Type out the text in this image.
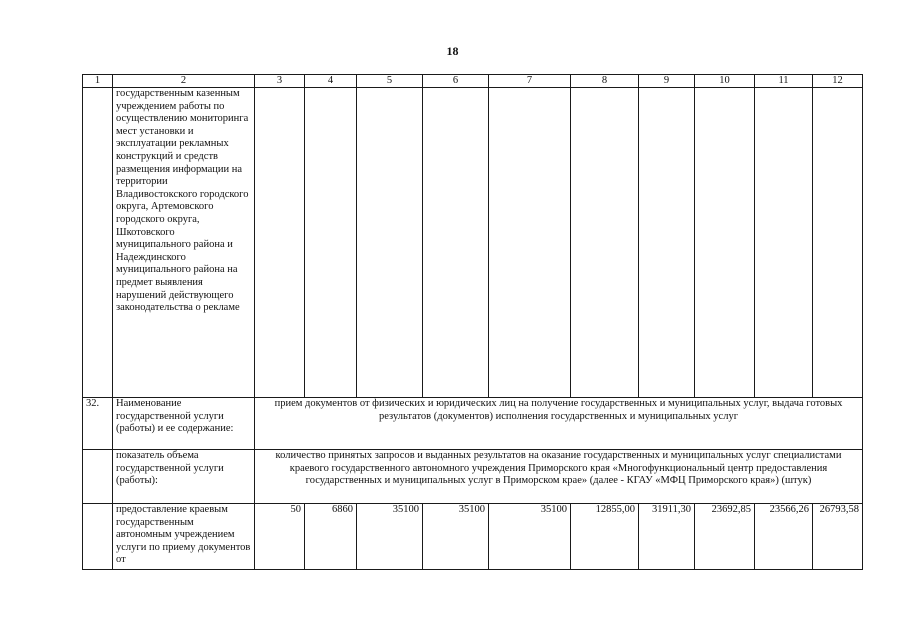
18
1	2	3	4	5	6	7	8	9	10	11	12
	государственным казенным учреждением работы по осуществлению мониторинга мест установки и эксплуатации рекламных конструкций и средств размещения информации на территории Владивостокского городского округа, Артемовского городского округа, Шкотовского муниципального района и Надеждинского муниципального района на предмет выявления нарушений действующего законодательства о рекламе										
32.	Наименование государственной услуги (работы) и ее содержание:	прием документов от физических и юридических лиц на получение государственных и муниципальных услуг, выдача готовых результатов (документов) исполнения государственных и муниципальных услуг									
	показатель объема государственной услуги (работы):	количество принятых запросов и выданных результатов на оказание государственных и муниципальных услуг специалистами краевого государственного автономного учреждения Приморского края «Многофункциональный центр предоставления государственных и муниципальных услуг в Приморском крае» (далее - КГАУ «МФЦ Приморского края») (штук)									
	предоставление краевым государственным автономным учреждением услуги по приему документов от	50	6860	35100	35100	35100	12855,00	31911,30	23692,85	23566,26	26793,58
